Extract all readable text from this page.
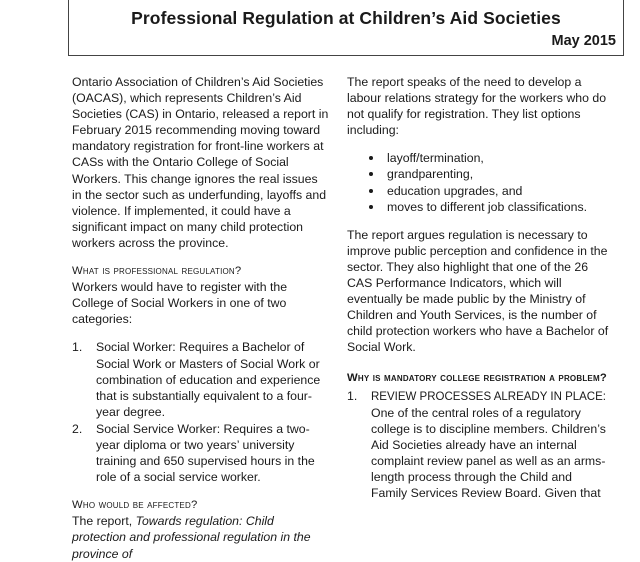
Professional Regulation at Children’s Aid Societies
May 2015

Ontario Association of Children’s Aid Societies (OACAS), which represents Children’s Aid Societies (CAS) in Ontario, released a report in February 2015 recommending moving toward mandatory registration for front-line workers at CASs with the Ontario College of Social Workers. This change ignores the real issues in the sector such as underfunding, layoffs and violence. If implemented, it could have a significant impact on many child protection workers across the province.

What is professional regulation?

Workers would have to register with the College of Social Workers in one of two categories:

1. Social Worker: Requires a Bachelor of Social Work or Masters of Social Work or combination of education and experience that is substantially equivalent to a four-year degree.
2. Social Service Worker: Requires a two-year diploma or two years’ university training and 650 supervised hours in the role of a social service worker.
Who would be affected?

The report, Towards regulation: Child protection and professional regulation in the province of

The report speaks of the need to develop a labour relations strategy for the workers who do not qualify for registration. They list options including:

layoff/termination,
grandparenting,
education upgrades, and
moves to different job classifications.

The report argues regulation is necessary to improve public perception and confidence in the sector. They also highlight that one of the 26 CAS Performance Indicators, which will eventually be made public by the Ministry of Children and Youth Services, is the number of child protection workers who have a Bachelor of Social Work.

Why is mandatory college registration a problem?
1. REVIEW PROCESSES ALREADY IN PLACE: One of the central roles of a regulatory college is to discipline members. Children’s Aid Societies already have an internal complaint review panel as well as an arms-length process through the Child and Family Services Review Board. Given that
